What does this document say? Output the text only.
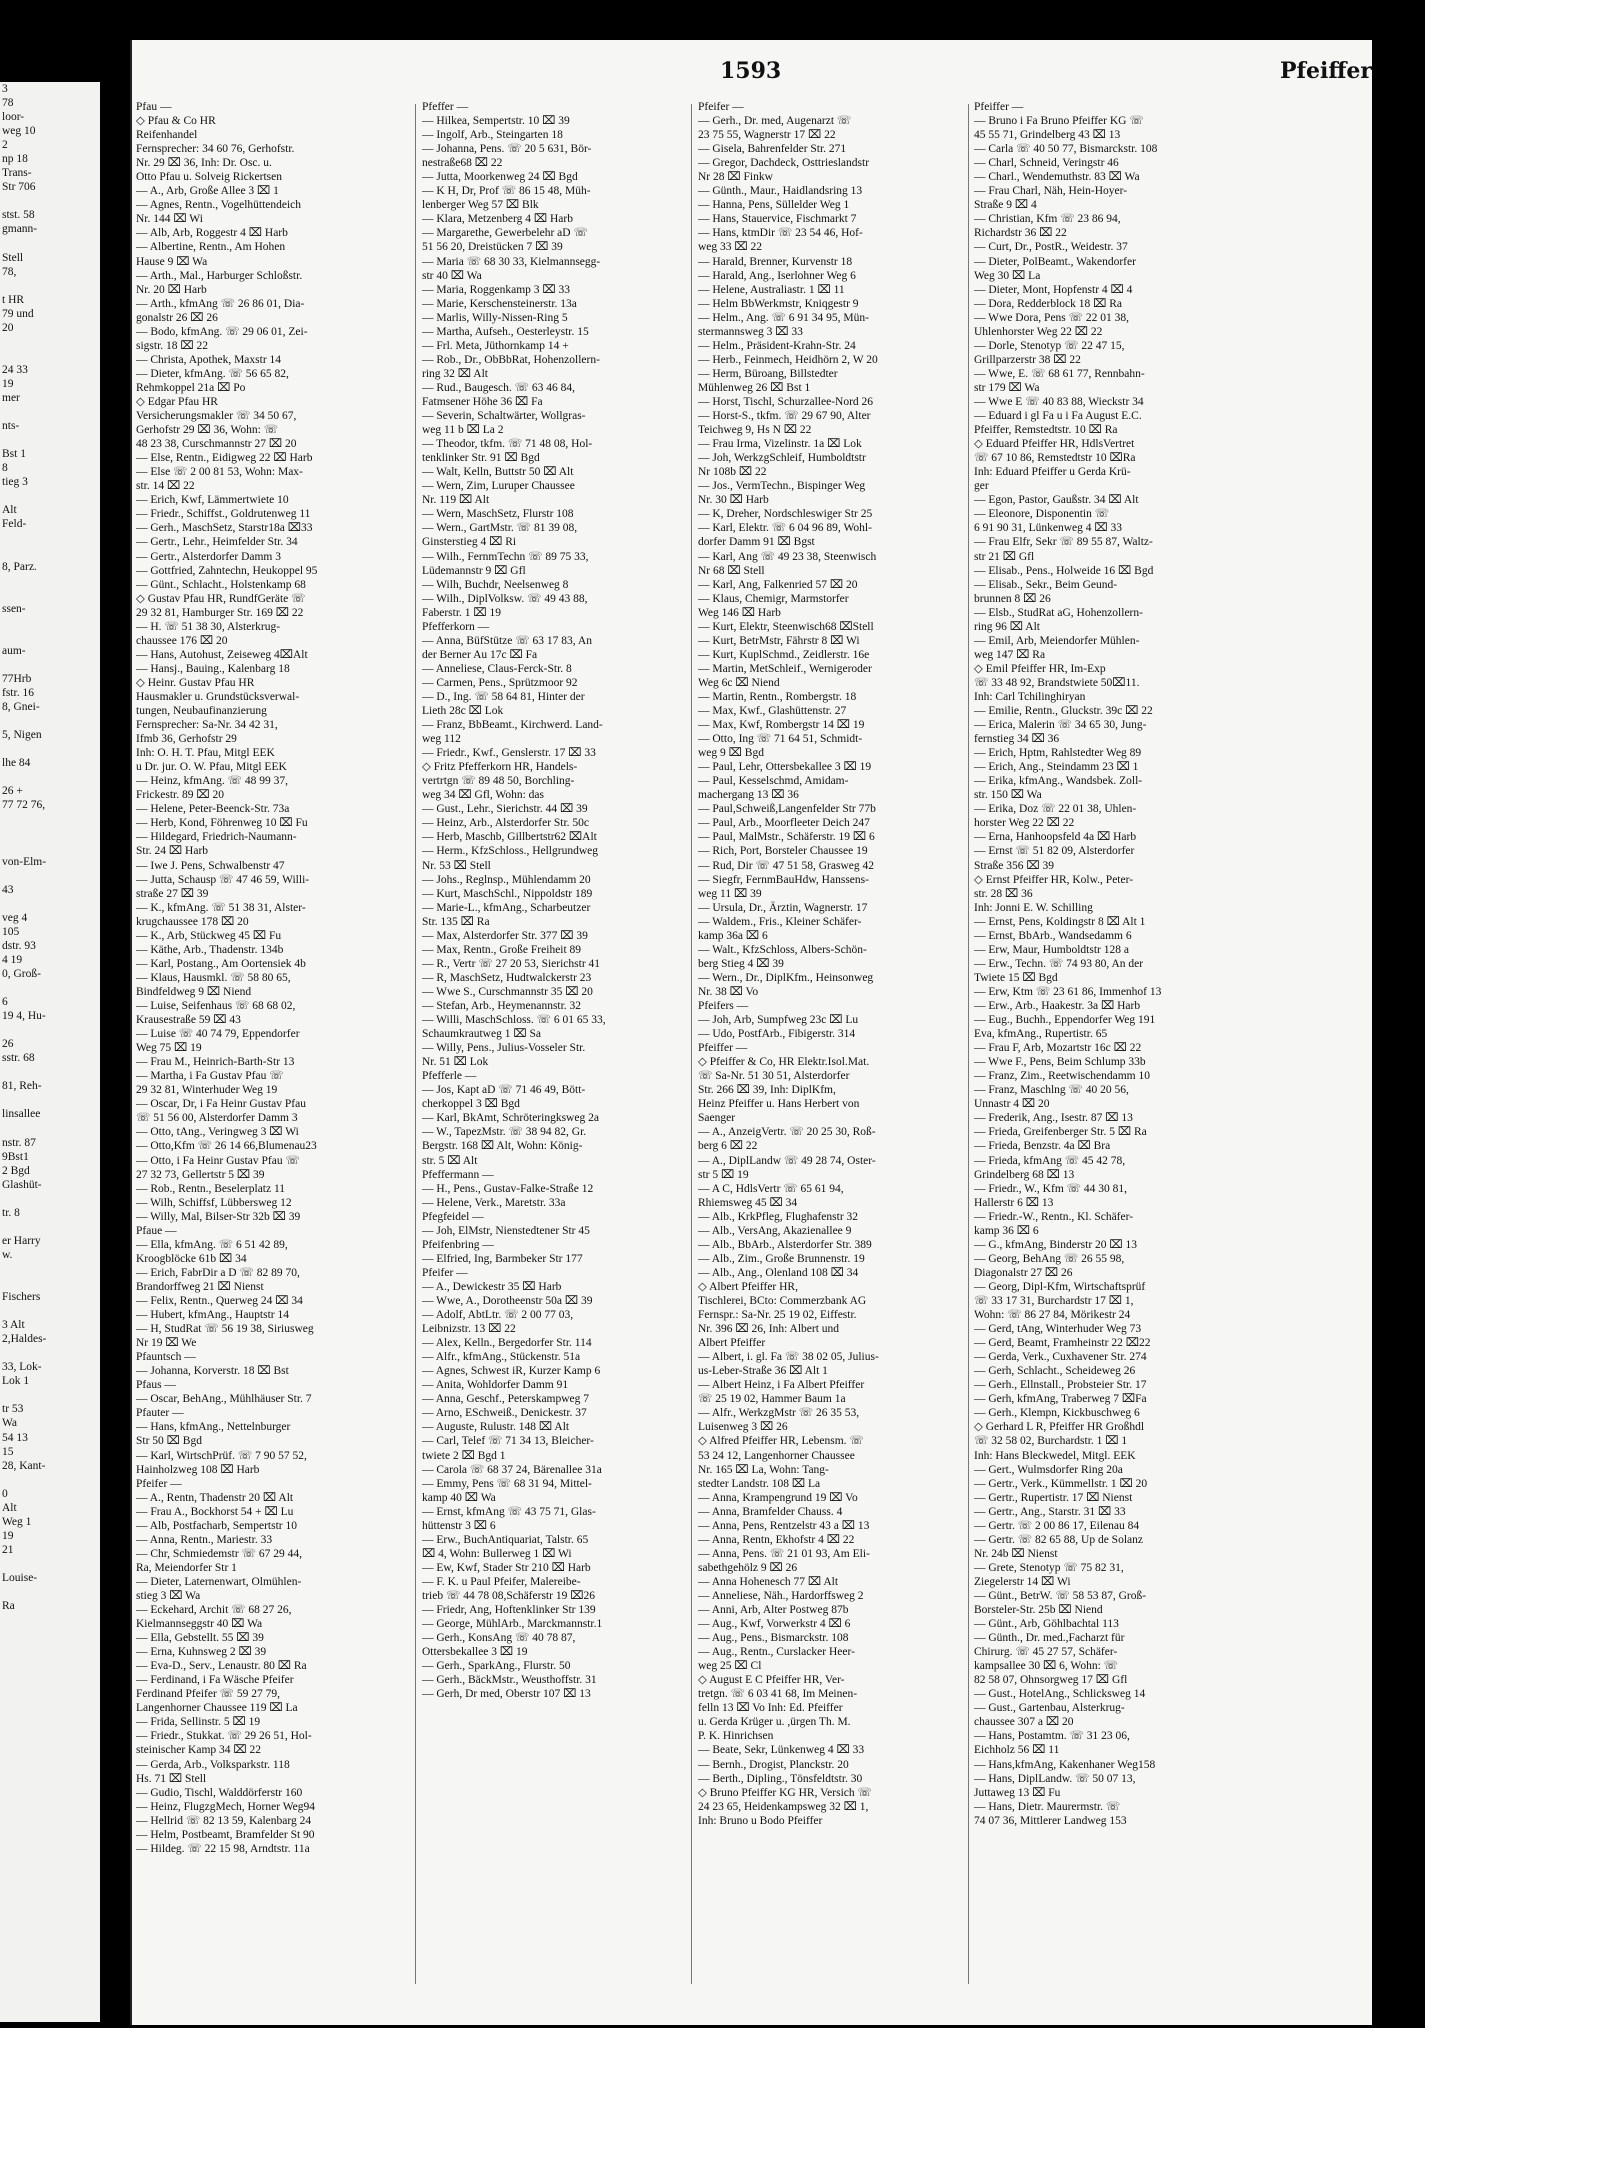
3
78
loor-
weg 10
2
np 18
Trans-
Str 706

stst. 58
gmann-

Stell
78,

t HR
79 und
20

24 33
19
mer

nts-

Bst 1
8
tieg 3

Alt
Feld-

8, Parz.

ssen-

aum-

77Hrb
fstr. 16
8, Gnei-

5, Nigen

lhe 84

26 +
77 72 76,

von-Elm-

43

veg 4
105
dstr. 93
4 19
0, Groß-

6
19 4, Hu-

26
sstr. 68

81, Reh-

linsallee

nstr. 87
9Bst1
2 Bgd
Glashüt-

tr. 8

er Harry
w.

Fischers

3 Alt
2,Haldes-

33, Lok-
Lok 1

tr 53
Wa
54 13
15
28, Kant-

0
Alt
Weg 1
19
21

Louise-

Ra
1593	Pfeiffer
Pfau —
◇ Pfau & Co HR
Reifenhandel
Fernsprecher: 34 60 76, Gerhofstr.
Nr. 29 ⌧ 36, Inh: Dr. Osc. u.
Otto Pfau u. Solveig Rickertsen
— A., Arb, Große Allee 3 ⌧ 1
— Agnes, Rentn., Vogelhüttendeich
Nr. 144 ⌧ Wi
— Alb, Arb, Roggestr 4 ⌧ Harb
— Albertine, Rentn., Am Hohen
Hause 9 ⌧ Wa
— Arth., Mal., Harburger Schloßstr.
Nr. 20 ⌧ Harb
— Arth., kfmAng ☏ 26 86 01, Dia-
gonalstr 26 ⌧ 26
— Bodo, kfmAng. ☏ 29 06 01, Zei-
sigstr. 18 ⌧ 22
— Christa, Apothek, Maxstr 14
— Dieter, kfmAng. ☏ 56 65 82,
Rehmkoppel 21a ⌧ Po
◇ Edgar Pfau HR
Versicherungsmakler ☏ 34 50 67,
Gerhofstr 29 ⌧ 36, Wohn: ☏
48 23 38, Curschmannstr 27 ⌧ 20
— Else, Rentn., Eidigweg 22 ⌧ Harb
— Else ☏ 2 00 81 53, Wohn: Max-
str. 14 ⌧ 22
— Erich, Kwf, Lämmertwiete 10
— Friedr., Schiffst., Goldrutenweg 11
— Gerh., MaschSetz, Starstr18a ⌧33
— Gertr., Lehr., Heimfelder Str. 34
— Gertr., Alsterdorfer Damm 3
— Gottfried, Zahntechn, Heukoppel 95
— Günt., Schlacht., Holstenkamp 68
◇ Gustav Pfau HR, RundfGeräte ☏
29 32 81, Hamburger Str. 169 ⌧ 22
— H. ☏ 51 38 30, Alsterkrug-
chaussee 176 ⌧ 20
— Hans, Autohust, Zeiseweg 4⌧Alt
— Hansj., Bauing., Kalenbarg 18
◇ Heinr. Gustav Pfau HR
Hausmakler u. Grundstücksverwal-
tungen, Neubaufinanzierung
Fernsprecher: Sa-Nr. 34 42 31,
Ifmb 36, Gerhofstr 29
Inh: O. H. T. Pfau, Mitgl EEK
u Dr. jur. O. W. Pfau, Mitgl EEK
— Heinz, kfmAng. ☏ 48 99 37,
Frickestr. 89 ⌧ 20
— Helene, Peter-Beenck-Str. 73a
— Herb, Kond, Föhrenweg 10 ⌧ Fu
— Hildegard, Friedrich-Naumann-
Str. 24 ⌧ Harb
— Iwe J. Pens, Schwalbenstr 47
— Jutta, Schausp ☏ 47 46 59, Willi-
straße 27 ⌧ 39
— K., kfmAng. ☏ 51 38 31, Alster-
krugchaussee 178 ⌧ 20
— K., Arb, Stückweg 45 ⌧ Fu
— Käthe, Arb., Thadenstr. 134b
— Karl, Postang., Am Oortensiek 4b
— Klaus, Hausmkl. ☏ 58 80 65,
Bindfeldweg 9 ⌧ Niend
— Luise, Seifenhaus ☏ 68 68 02,
Krausestraße 59 ⌧ 43
— Luise ☏ 40 74 79, Eppendorfer
Weg 75 ⌧ 19
— Frau M., Heinrich-Barth-Str 13
— Martha, i Fa Gustav Pfau ☏
29 32 81, Winterhuder Weg 19
— Oscar, Dr, i Fa Heinr Gustav Pfau
☏ 51 56 00, Alsterdorfer Damm 3
— Otto, tAng., Veringweg 3 ⌧ Wi
— Otto,Kfm ☏ 26 14 66,Blumenau23
— Otto, i Fa Heinr Gustav Pfau ☏
27 32 73, Gellertstr 5 ⌧ 39
— Rob., Rentn., Beselerplatz 11
— Wilh, Schiffsf, Lübbersweg 12
— Willy, Mal, Bilser-Str 32b ⌧ 39
Pfaue —
— Ella, kfmAng. ☏ 6 51 42 89,
Kroogblöcke 61b ⌧ 34
— Erich, FabrDir a D ☏ 82 89 70,
Brandorffweg 21 ⌧ Nienst
— Felix, Rentn., Querweg 24 ⌧ 34
— Hubert, kfmAng., Hauptstr 14
— H, StudRat ☏ 56 19 38, Siriusweg
Nr 19 ⌧ We
Pfauntsch —
— Johanna, Korverstr. 18 ⌧ Bst
Pfaus —
— Oscar, BehAng., Mühlhäuser Str. 7
Pfauter —
— Hans, kfmAng., Nettelnburger
Str 50 ⌧ Bgd
— Karl, WirtschPrüf. ☏ 7 90 57 52,
Hainholzweg 108 ⌧ Harb
Pfeifer —
— A., Rentn, Thadenstr 20 ⌧ Alt
— Frau A., Bockhorst 54 + ⌧ Lu
— Alb, Postfacharb, Sempertstr 10
— Anna, Rentn., Mariestr. 33
— Chr, Schmiedemstr ☏ 67 29 44,
Ra, Meiendorfer Str 1
— Dieter, Laternenwart, Olmühlen-
stieg 3 ⌧ Wa
— Eckehard, Archit ☏ 68 27 26,
Kielmannseggstr 40 ⌧ Wa
— Ella, Gebstellt. 55 ⌧ 39
— Erna, Kuhnsweg 2 ⌧ 39
— Eva-D., Serv., Lenaustr. 80 ⌧ Ra
— Ferdinand, i Fa Wäsche Pfeifer
Ferdinand Pfeifer ☏ 59 27 79,
Langenhorner Chaussee 119 ⌧ La
— Frida, Sellinstr. 5 ⌧ 19
— Friedr., Stukkat. ☏ 29 26 51, Hol-
steinischer Kamp 34 ⌧ 22
— Gerda, Arb., Volksparkstr. 118
Hs. 71 ⌧ Stell
— Gudio, Tischl, Walddörferstr 160
— Heinz, FlugzgMech, Horner Weg94
— Hellrid ☏ 82 13 59, Kalenbarg 24
— Helm, Postbeamt, Bramfelder St 90
— Hildeg. ☏ 22 15 98, Arndtstr. 11a
Pfeffer —
— Hilkea, Sempertstr. 10 ⌧ 39
— Ingolf, Arb., Steingarten 18
— Johanna, Pens. ☏ 20 5 631, Bör-
nestraße68 ⌧ 22
— Jutta, Moorkenweg 24 ⌧ Bgd
— K H, Dr, Prof ☏ 86 15 48, Müh-
lenberger Weg 57 ⌧ Blk
— Klara, Metzenberg 4 ⌧ Harb
— Margarethe, Gewerbelehr aD ☏
51 56 20, Dreistücken 7 ⌧ 39
— Maria ☏ 68 30 33, Kielmannsegg-
str 40 ⌧ Wa
— Maria, Roggenkamp 3 ⌧ 33
— Marie, Kerschensteinerstr. 13a
— Marlis, Willy-Nissen-Ring 5
— Martha, Aufseh., Oesterleystr. 15
— Frl. Meta, Jüthornkamp 14 +
— Rob., Dr., ObBbRat, Hohenzollern-
ring 32 ⌧ Alt
— Rud., Baugesch. ☏ 63 46 84,
Fatmsener Höhe 36 ⌧ Fa
— Severin, Schaltwärter, Wollgras-
weg 11 b ⌧ La 2
— Theodor, tkfm. ☏ 71 48 08, Hol-
tenklinker Str. 91 ⌧ Bgd
— Walt, Kelln, Buttstr 50 ⌧ Alt
— Wern, Zim, Luruper Chaussee
Nr. 119 ⌧ Alt
— Wern, MaschSetz, Flurstr 108
— Wern., GartMstr. ☏ 81 39 08,
Ginsterstieg 4 ⌧ Ri
— Wilh., FernmTechn ☏ 89 75 33,
Lüdemannstr 9 ⌧ Gfl
— Wilh, Buchdr, Neelsenweg 8
— Wilh., DiplVolksw. ☏ 49 43 88,
Faberstr. 1 ⌧ 19
Pfefferkorn —
— Anna, BüfStütze ☏ 63 17 83, An
der Berner Au 17c ⌧ Fa
— Anneliese, Claus-Ferck-Str. 8
— Carmen, Pens., Sprützmoor 92
— D., Ing. ☏ 58 64 81, Hinter der
Lieth 28c ⌧ Lok
— Franz, BbBeamt., Kirchwerd. Land-
weg 112
— Friedr., Kwf., Genslerstr. 17 ⌧ 33
◇ Fritz Pfefferkorn HR, Handels-
vertrtgn ☏ 89 48 50, Borchling-
weg 34 ⌧ Gfl, Wohn: das
— Gust., Lehr., Sierichstr. 44 ⌧ 39
— Heinz, Arb., Alsterdorfer Str. 50c
— Herb, Maschb, Gillbertstr62 ⌧Alt
— Herm., KfzSchloss., Hellgrundweg
Nr. 53 ⌧ Stell
— Johs., Reglnsp., Mühlendamm 20
— Kurt, MaschSchl., Nippoldstr 189
— Marie-L., kfmAng., Scharbeutzer
Str. 135 ⌧ Ra
— Max, Alsterdorfer Str. 377 ⌧ 39
— Max, Rentn., Große Freiheit 89
— R., Vertr ☏ 27 20 53, Sierichstr 41
— R, MaschSetz, Hudtwalckerstr 23
— Wwe S., Curschmannstr 35 ⌧ 20
— Stefan, Arb., Heymenannstr. 32
— Willi, MaschSchloss. ☏ 6 01 65 33,
Schaumkrautweg 1 ⌧ Sa
— Willy, Pens., Julius-Vosseler Str.
Nr. 51 ⌧ Lok
Pfefferle —
— Jos, Kapt aD ☏ 71 46 49, Bött-
cherkoppel 3 ⌧ Bgd
— Karl, BkAmt, Schröteringksweg 2a
— W., TapezMstr. ☏ 38 94 82, Gr.
Bergstr. 168 ⌧ Alt, Wohn: König-
str. 5 ⌧ Alt
Pfeffermann —
— H., Pens., Gustav-Falke-Straße 12
— Helene, Verk., Maretstr. 33a
Pfegfeidel —
— Joh, ElMstr, Nienstedtener Str 45
Pfeifenbring —
— Elfried, Ing, Barmbeker Str 177
Pfeifer —
— A., Dewickestr 35 ⌧ Harb
— Wwe, A., Dorotheenstr 50a ⌧ 39
— Adolf, AbtLtr. ☏ 2 00 77 03,
Leibnizstr. 13 ⌧ 22
— Alex, Kelln., Bergedorfer Str. 114
— Alfr., kfmAng., Stückenstr. 51a
— Agnes, Schwest iR, Kurzer Kamp 6
— Anita, Wohldorfer Damm 91
— Anna, Geschf., Peterskampweg 7
— Arno, ESchweiß., Denickestr. 37
— Auguste, Rulustr. 148 ⌧ Alt
— Carl, Telef ☏ 71 34 13, Bleicher-
twiete 2 ⌧ Bgd 1
— Carola ☏ 68 37 24, Bärenallee 31a
— Emmy, Pens ☏ 68 31 94, Mittel-
kamp 40 ⌧ Wa
— Ernst, kfmAng ☏ 43 75 71, Glas-
hüttenstr 3 ⌧ 6
— Erw., BuchAntiquariat, Talstr. 65
⌧ 4, Wohn: Bullerweg 1 ⌧ Wi
— Ew, Kwf, Stader Str 210 ⌧ Harb
— F. K. u Paul Pfeifer, Malereibe-
trieb ☏ 44 78 08,Schäferstr 19 ⌧26
— Friedr, Ang, Hoftenklinker Str 139
— George, MühlArb., Marckmannstr.1
— Gerh., KonsAng ☏ 40 78 87,
Ottersbekallee 3 ⌧ 19
— Gerh., SparkAng., Flurstr. 50
— Gerh., BäckMstr., Weusthoffstr. 31
— Gerh, Dr med, Oberstr 107 ⌧ 13
Pfeifer —
— Gerh., Dr. med, Augenarzt ☏
23 75 55, Wagnerstr 17 ⌧ 22
— Gisela, Bahrenfelder Str. 271
— Gregor, Dachdeck, Osttrieslandstr
Nr 28 ⌧ Finkw
— Günth., Maur., Haidlandsring 13
— Hanna, Pens, Süllelder Weg 1
— Hans, Stauervice, Fischmarkt 7
— Hans, ktmDir ☏ 23 54 46, Hof-
weg 33 ⌧ 22
— Harald, Brenner, Kurvenstr 18
— Harald, Ang., Iserlohner Weg 6
— Helene, Australiastr. 1 ⌧ 11
— Helm BbWerkmstr, Kniqgestr 9
— Helm., Ang. ☏ 6 91 34 95, Mün-
stermannsweg 3 ⌧ 33
— Helm., Präsident-Krahn-Str. 24
— Herb., Feinmech, Heidhörn 2, W 20
— Herm, Büroang, Billstedter
Mühlenweg 26 ⌧ Bst 1
— Horst, Tischl, Schurzallee-Nord 26
— Horst-S., tkfm. ☏ 29 67 90, Alter
Teichweg 9, Hs N ⌧ 22
— Frau Irma, Vizelinstr. 1a ⌧ Lok
— Joh, WerkzgSchleif, Humboldtstr
Nr 108b ⌧ 22
— Jos., VermTechn., Bispinger Weg
Nr. 30 ⌧ Harb
— K, Dreher, Nordschleswiger Str 25
— Karl, Elektr. ☏ 6 04 96 89, Wohl-
dorfer Damm 91 ⌧ Bgst
— Karl, Ang ☏ 49 23 38, Steenwisch
Nr 68 ⌧ Stell
— Karl, Ang, Falkenried 57 ⌧ 20
— Klaus, Chemigr, Marmstorfer
Weg 146 ⌧ Harb
— Kurt, Elektr, Steenwisch68 ⌧Stell
— Kurt, BetrMstr, Fährstr 8 ⌧ Wi
— Kurt, KuplSchmd., Zeidlerstr. 16e
— Martin, MetSchleif., Wernigeroder
Weg 6c ⌧ Niend
— Martin, Rentn., Rombergstr. 18
— Max, Kwf., Glashüttenstr. 27
— Max, Kwf, Rombergstr 14 ⌧ 19
— Otto, Ing ☏ 71 64 51, Schmidt-
weg 9 ⌧ Bgd
— Paul, Lehr, Ottersbekallee 3 ⌧ 19
— Paul, Kesselschmd, Amidam-
machergang 13 ⌧ 36
— Paul,Schweiß,Langenfelder Str 77b
— Paul, Arb., Moorfleeter Deich 247
— Paul, MalMstr., Schäferstr. 19 ⌧ 6
— Rich, Port, Borsteler Chaussee 19
— Rud, Dir ☏ 47 51 58, Grasweg 42
— Siegfr, FernmBauHdw, Hanssens-
weg 11 ⌧ 39
— Ursula, Dr., Ärztin, Wagnerstr. 17
— Waldem., Fris., Kleiner Schäfer-
kamp 36a ⌧ 6
— Walt., KfzSchloss, Albers-Schön-
berg Stieg 4 ⌧ 39
— Wern., Dr., DiplKfm., Heinsonweg
Nr. 38 ⌧ Vo
Pfeifers —
— Joh, Arb, Sumpfweg 23c ⌧ Lu
— Udo, PostfArb., Fibigerstr. 314
Pfeiffer —
◇ Pfeiffer & Co, HR Elektr.Isol.Mat.
☏ Sa-Nr. 51 30 51, Alsterdorfer
Str. 266 ⌧ 39, Inh: DiplKfm,
Heinz Pfeiffer u. Hans Herbert von
Saenger
— A., AnzeigVertr. ☏ 20 25 30, Roß-
berg 6 ⌧ 22
— A., DiplLandw ☏ 49 28 74, Oster-
str 5 ⌧ 19
— A C, HdlsVertr ☏ 65 61 94,
Rhiemsweg 45 ⌧ 34
— Alb., KrkPfleg, Flughafenstr 32
— Alb., VersAng, Akazienallee 9
— Alb., BbArb., Alsterdorfer Str. 389
— Alb., Zim., Große Brunnenstr. 19
— Alb., Ang., Olenland 108 ⌧ 34
◇ Albert Pfeiffer HR,
Tischlerei, BCto: Commerzbank AG
Fernspr.: Sa-Nr. 25 19 02, Eiffestr.
Nr. 396 ⌧ 26, Inh: Albert und
Albert Pfeiffer
— Albert, i. gl. Fa ☏ 38 02 05, Julius-
us-Leber-Straße 36 ⌧ Alt 1
— Albert Heinz, i Fa Albert Pfeiffer
☏ 25 19 02, Hammer Baum 1a
— Alfr., WerkzgMstr ☏ 26 35 53,
Luisenweg 3 ⌧ 26
◇ Alfred Pfeiffer HR, Lebensm. ☏
53 24 12, Langenhorner Chaussee
Nr. 165 ⌧ La, Wohn: Tang-
stedter Landstr. 108 ⌧ La
— Anna, Krampengrund 19 ⌧ Vo
— Anna, Bramfelder Chauss. 4
— Anna, Pens, Rentzelstr 43 a ⌧ 13
— Anna, Rentn, Ekhofstr 4 ⌧ 22
— Anna, Pens. ☏ 21 01 93, Am Eli-
sabethgehölz 9 ⌧ 26
— Anna Hohenesch 77 ⌧ Alt
— Anneliese, Näh., Hardorffsweg 2
— Anni, Arb, Alter Postweg 87b
— Aug., Kwf, Vorwerkstr 4 ⌧ 6
— Aug., Pens., Bismarckstr. 108
— Aug., Rentn., Curslacker Heer-
weg 25 ⌧ Cl
◇ August E C Pfeiffer HR, Ver-
tretgn. ☏ 6 03 41 68, Im Meinen-
felln 13 ⌧ Vo Inh: Ed. Pfeiffer
u. Gerda Krüger u. ,ürgen Th. M.
P. K. Hinrichsen
— Beate, Sekr, Lünkenweg 4 ⌧ 33
— Bernh., Drogist, Planckstr. 20
— Berth., Dipling., Tönsfeldtstr. 30
◇ Bruno Pfeiffer KG HR, Versich ☏
24 23 65, Heidenkampsweg 32 ⌧ 1,
Inh: Bruno u Bodo Pfeiffer
Pfeiffer —
— Bruno i Fa Bruno Pfeiffer KG ☏
45 55 71, Grindelberg 43 ⌧ 13
— Carla ☏ 40 50 77, Bismarckstr. 108
— Charl, Schneid, Veringstr 46
— Charl., Wendemuthstr. 83 ⌧ Wa
— Frau Charl, Näh, Hein-Hoyer-
Straße 9 ⌧ 4
— Christian, Kfm ☏ 23 86 94,
Richardstr 36 ⌧ 22
— Curt, Dr., PostR., Weidestr. 37
— Dieter, PolBeamt., Wakendorfer
Weg 30 ⌧ La
— Dieter, Mont, Hopfenstr 4 ⌧ 4
— Dora, Redderblock 18 ⌧ Ra
— Wwe Dora, Pens ☏ 22 01 38,
Uhlenhorster Weg 22 ⌧ 22
— Dorle, Stenotyp ☏ 22 47 15,
Grillparzerstr 38 ⌧ 22
— Wwe, E. ☏ 68 61 77, Rennbahn-
str 179 ⌧ Wa
— Wwe E ☏ 40 83 88, Wieckstr 34
— Eduard i gl Fa u i Fa August E.C.
Pfeiffer, Remstedtstr. 10 ⌧ Ra
◇ Eduard Pfeiffer HR, HdlsVertret
☏ 67 10 86, Remstedtstr 10 ⌧Ra
Inh: Eduard Pfeiffer u Gerda Krü-
ger
— Egon, Pastor, Gaußstr. 34 ⌧ Alt
— Eleonore, Disponentin ☏
6 91 90 31, Lünkenweg 4 ⌧ 33
— Frau Elfr, Sekr ☏ 89 55 87, Waltz-
str 21 ⌧ Gfl
— Elisab., Pens., Holweide 16 ⌧ Bgd
— Elisab., Sekr., Beim Geund-
brunnen 8 ⌧ 26
— Elsb., StudRat aG, Hohenzollern-
ring 96 ⌧ Alt
— Emil, Arb, Meiendorfer Mühlen-
weg 147 ⌧ Ra
◇ Emil Pfeiffer HR, Im-Exp
☏ 33 48 92, Brandstwiete 50⌧11.
Inh: Carl Tchilinghiryan
— Emilie, Rentn., Gluckstr. 39c ⌧ 22
— Erica, Malerin ☏ 34 65 30, Jung-
fernstieg 34 ⌧ 36
— Erich, Hptm, Rahlstedter Weg 89
— Erich, Ang., Steindamm 23 ⌧ 1
— Erika, kfmAng., Wandsbek. Zoll-
str. 150 ⌧ Wa
— Erika, Doz ☏ 22 01 38, Uhlen-
horster Weg 22 ⌧ 22
— Erna, Hanhoopsfeld 4a ⌧ Harb
— Ernst ☏ 51 82 09, Alsterdorfer
Straße 356 ⌧ 39
◇ Ernst Pfeiffer HR, Kolw., Peter-
str. 28 ⌧ 36
Inh: Jonni E. W. Schilling
— Ernst, Pens, Koldingstr 8 ⌧ Alt 1
— Ernst, BbArb., Wandsedamm 6
— Erw, Maur, Humboldtstr 128 a
— Erw., Techn. ☏ 74 93 80, An der
Twiete 15 ⌧ Bgd
— Erw, Ktm ☏ 23 61 86, Immenhof 13
— Erw., Arb., Haakestr. 3a ⌧ Harb
— Eug., Buchh., Eppendorfer Weg 191
Eva, kfmAng., Rupertistr. 65
— Frau F, Arb, Mozartstr 16c ⌧ 22
— Wwe F., Pens, Beim Schlump 33b
— Franz, Zim., Reetwischendamm 10
— Franz, Maschlng ☏ 40 20 56,
Unnastr 4 ⌧ 20
— Frederik, Ang., Isestr. 87 ⌧ 13
— Frieda, Greifenberger Str. 5 ⌧ Ra
— Frieda, Benzstr. 4a ⌧ Bra
— Frieda, kfmAng ☏ 45 42 78,
Grindelberg 68 ⌧ 13
— Friedr., W., Kfm ☏ 44 30 81,
Hallerstr 6 ⌧ 13
— Friedr.-W., Rentn., Kl. Schäfer-
kamp 36 ⌧ 6
— G., kfmAng, Binderstr 20 ⌧ 13
— Georg, BehAng ☏ 26 55 98,
Diagonalstr 27 ⌧ 26
— Georg, Dipl-Kfm, Wirtschaftsprüf
☏ 33 17 31, Burchardstr 17 ⌧ 1,
Wohn: ☏ 86 27 84, Mörikestr 24
— Gerd, tAng, Winterhuder Weg 73
— Gerd, Beamt, Framheinstr 22 ⌧22
— Gerda, Verk., Cuxhavener Str. 274
— Gerh, Schlacht., Scheideweg 26
— Gerh., Ellnstall., Probsteier Str. 17
— Gerh, kfmAng, Traberweg 7 ⌧Fa
— Gerh., Klempn, Kickbuschweg 6
◇ Gerhard L R, Pfeiffer HR Großhdl
☏ 32 58 02, Burchardstr. 1 ⌧ 1
Inh: Hans Bleckwedel, Mitgl. EEK
— Gert., Wulmsdorfer Ring 20a
— Gertr., Verk., Kümmellstr. 1 ⌧ 20
— Gertr., Rupertistr. 17 ⌧ Nienst
— Gertr., Ang., Starstr. 31 ⌧ 33
— Gertr. ☏ 2 00 86 17, Eilenau 84
— Gertr. ☏ 82 65 88, Up de Solanz
Nr. 24b ⌧ Nienst
— Grete, Stenotyp ☏ 75 82 31,
Ziegelerstr 14 ⌧ Wi
— Günt., BetrW. ☏ 58 53 87, Groß-
Borsteler-Str. 25b ⌧ Niend
— Günt., Arb, Göhlbachtal 113
— Günth., Dr. med.,Facharzt für
Chirurg. ☏ 45 27 57, Schäfer-
kampsallee 30 ⌧ 6, Wohn: ☏
82 58 07, Ohnsorgweg 17 ⌧ Gfl
— Gust., HotelAng., Schlicksweg 14
— Gust., Gartenbau, Alsterkrug-
chaussee 307 a ⌧ 20
— Hans, Postamtm. ☏ 31 23 06,
Eichholz 56 ⌧ 11
— Hans,kfmAng, Kakenhaner Weg158
— Hans, DiplLandw. ☏ 50 07 13,
Juttaweg 13 ⌧ Fu
— Hans, Dietr. Maurermstr. ☏
74 07 36, Mittlerer Landweg 153
